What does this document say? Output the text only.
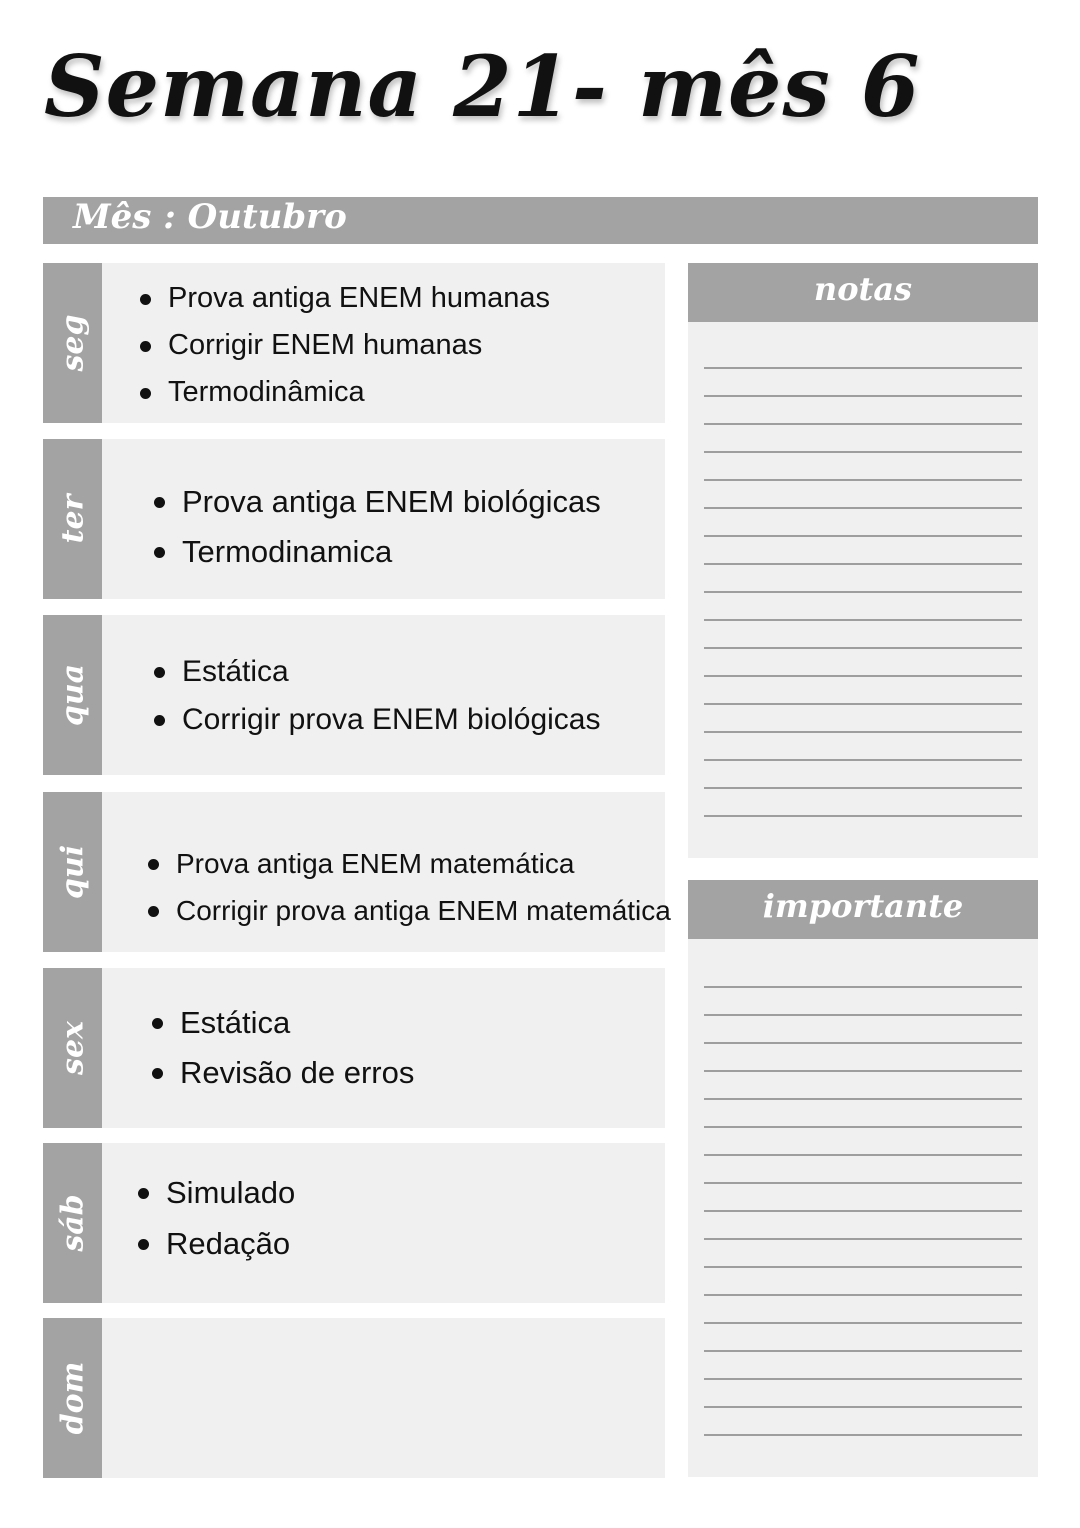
Semana 21- mês 6
Mês : Outubro
seg
Prova antiga ENEM humanas
Corrigir ENEM humanas
Termodinâmica
ter	Prova antiga ENEM biológicas
Termodinamica
qua	Estática
Corrigir prova ENEM biológicas
qui	Prova antiga ENEM matemática
Corrigir prova antiga ENEM matemática
sex	Estática
Revisão de erros
sáb
Simulado
Redação
dom
notas
importante
